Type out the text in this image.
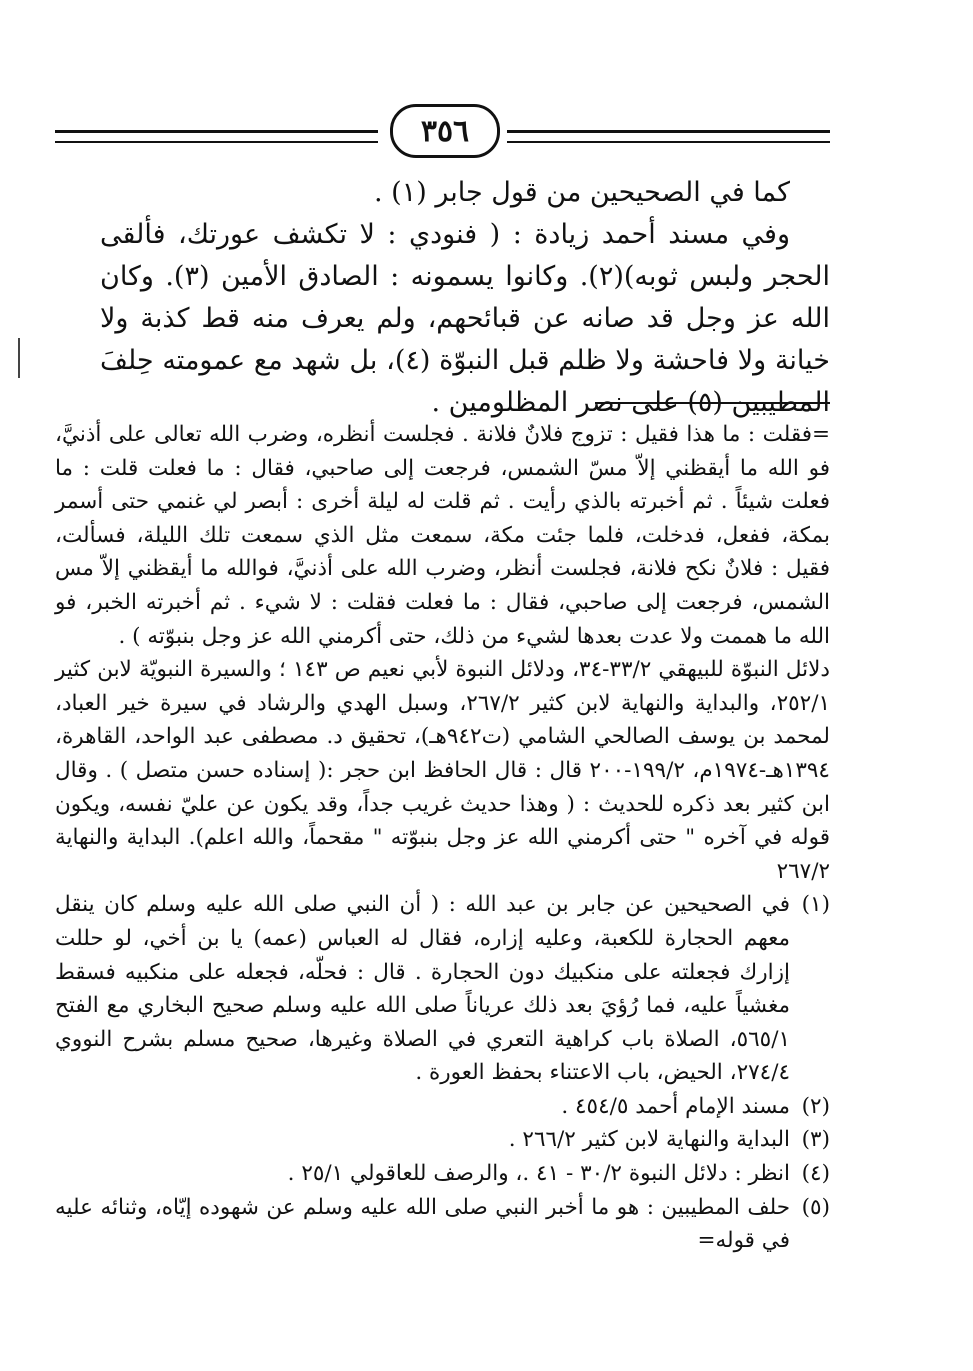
٣٥٦

كما في الصحيحين من قول جابر (١) .

وفي مسند أحمد زيادة : ( فنودي : لا تكشف عورتك، فألقى الحجر ولبس ثوبه)(٢). وكانوا يسمونه : الصادق الأمين (٣). وكان الله عز وجل قد صانه عن قبائحهم، ولم يعرف منه قط كذبة ولا خيانة ولا فاحشة ولا ظلم قبل النبوّة (٤)، بل شهد مع عمومته حِلفَ المطيبين (٥) على نصر المظلومين .

=فقلت : ما هذا فقيل : تزوج فلانٌ فلانة . فجلست أنظره، وضرب الله تعالى على أذنيَّ، فو الله ما أيقظني إلاّ مسّ الشمس، فرجعت إلى صاحبي، فقال : ما فعلت قلت : ما فعلت شيئاً . ثم أخبرته بالذي رأيت . ثم قلت له ليلة أخرى : أبصر لي غنمي حتى أسمر بمكة، ففعل، فدخلت، فلما جئت مكة، سمعت مثل الذي سمعت تلك الليلة، فسألت، فقيل : فلانٌ نكح فلانة، فجلست أنظر، وضرب الله على أذنيَّ، فوالله ما أيقظني إلاّ مس الشمس، فرجعت إلى صاحبي، فقال : ما فعلت فقلت : لا شيء . ثم أخبرته الخبر، فو الله ما هممت ولا عدت بعدها لشيء من ذلك، حتى أكرمني الله عز وجل بنبوّته ) .

دلائل النبوّة للبيهقي ٣٣/٢-٣٤، ودلائل النبوة لأبي نعيم ص ١٤٣ ؛ والسيرة النبويّة لابن كثير ٢٥٢/١، والبداية والنهاية لابن كثير ٢٦٧/٢، وسبل الهدي والرشاد في سيرة خير العباد، لمحمد بن يوسف الصالحي الشامي (ت٩٤٢هـ)، تحقيق د. مصطفى عبد الواحد، القاهرة، ١٣٩٤هـ-١٩٧٤م، ١٩٩/٢-٢٠٠ قال : قال الحافظ ابن حجر :( إسناده حسن متصل ) . وقال ابن كثير بعد ذكره للحديث : ( وهذا حديث غريب جداً، وقد يكون عن عليّ نفسه، ويكون قوله في آخره " حتى أكرمني الله عز وجل بنبوّته " مقحماً، والله اعلم). البداية والنهاية ٢٦٧/٢

(١)
في الصحيحين عن جابر بن عبد الله : ( أن النبي صلى الله عليه وسلم كان ينقل معهم الحجارة للكعبة، وعليه إزاره، فقال له العباس (عمه) يا بن أخي، لو حللت إزارك فجعلته على منكبيك دون الحجارة . قال : فحلّه، فجعله على منكبيه فسقط مغشياً عليه، فما رُؤيَ بعد ذلك عرياناً صلى الله عليه وسلم صحيح البخاري مع الفتح ٥٦٥/١، الصلاة باب كراهية التعري في الصلاة وغيرها، صحيح مسلم بشرح النووي ٢٧٤/٤، الحيض، باب الاعتناء بحفظ العورة .
(٢)
مسند الإمام أحمد ٤٥٤/٥ .
(٣)
البداية والنهاية لابن كثير ٢٦٦/٢ .
(٤)
انظر : دلائل النبوة ٣٠/٢ - ٤١ .، والرصف للعاقولي ٢٥/١ .
(٥)
حلف المطيبين : هو ما أخبر النبي صلى الله عليه وسلم عن شهوده إيّاه، وثنائه عليه في قوله=
